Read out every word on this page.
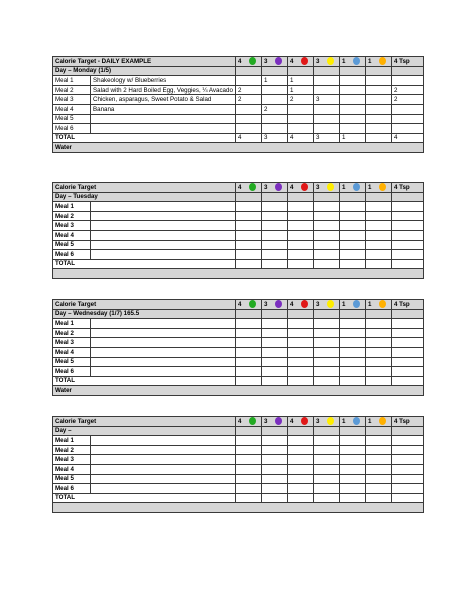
Calorie Target - DAILY EXAMPLE		4	3	4	3	1	1	4 Tsp
Day – Monday (1/5)								
Meal 1	Shakeology w/ Blueberries		1	1				
Meal 2	Salad with 2 Hard Boiled Egg, Veggies, ¼ Avacado	2		1				2
Meal 3	Chicken, asparagus, Sweet Potato & Salad	2		2	3			2
Meal 4	Banana		2					
Meal 5								
Meal 6								
TOTAL		4	3	4	3	1		4
Water								
Calorie Target		4	3	4	3	1	1	4 Tsp
Day – Tuesday								
Meal 1								
Meal 2								
Meal 3								
Meal 4								
Meal 5								
Meal 6								
TOTAL								

Calorie Target		4	3	4	3	1	1	4 Tsp
Day – Wednesday (1/7) 165.5								
Meal 1								
Meal 2								
Meal 3								
Meal 4								
Meal 5								
Meal 6								
TOTAL								
Water								
Calorie Target		4	3	4	3	1	1	4 Tsp
Day –								
Meal 1								
Meal 2								
Meal 3								
Meal 4								
Meal 5								
Meal 6								
TOTAL								
